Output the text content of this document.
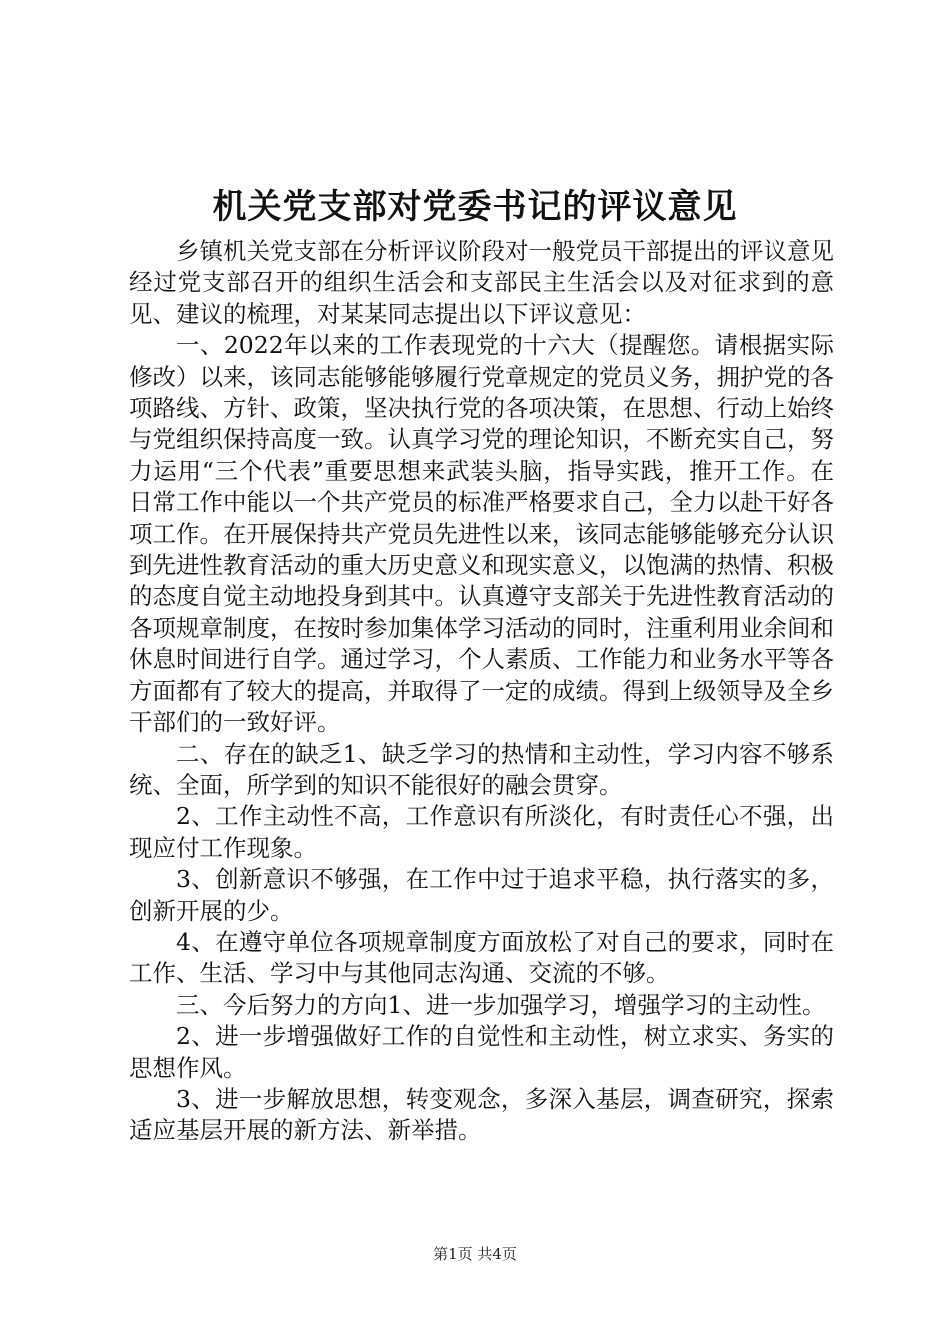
机关党支部对党委书记的评议意见

乡镇机关党支部在分析评议阶段对一般党员干部提出的评议意见经过党支部召开的组织生活会和支部民主生活会以及对征求到的意见、建议的梳理，对某某同志提出以下评议意见：

一、2022年以来的工作表现党的十六大（提醒您。请根据实际修改）以来，该同志能够能够履行党章规定的党员义务，拥护党的各项路线、方针、政策，坚决执行党的各项决策，在思想、行动上始终与党组织保持高度一致。认真学习党的理论知识，不断充实自己，努力运用“三个代表”重要思想来武装头脑，指导实践，推开工作。在日常工作中能以一个共产党员的标准严格要求自己，全力以赴干好各项工作。在开展保持共产党员先进性以来，该同志能够能够充分认识到先进性教育活动的重大历史意义和现实意义，以饱满的热情、积极的态度自觉主动地投身到其中。认真遵守支部关于先进性教育活动的各项规章制度，在按时参加集体学习活动的同时，注重利用业余间和休息时间进行自学。通过学习，个人素质、工作能力和业务水平等各方面都有了较大的提高，并取得了一定的成绩。得到上级领导及全乡干部们的一致好评。

二、存在的缺乏1、缺乏学习的热情和主动性，学习内容不够系统、全面，所学到的知识不能很好的融会贯穿。

2、工作主动性不高，工作意识有所淡化，有时责任心不强，出现应付工作现象。

3、创新意识不够强，在工作中过于追求平稳，执行落实的多，创新开展的少。

4、在遵守单位各项规章制度方面放松了对自己的要求，同时在工作、生活、学习中与其他同志沟通、交流的不够。

三、今后努力的方向1、进一步加强学习，增强学习的主动性。

2、进一步增强做好工作的自觉性和主动性，树立求实、务实的思想作风。

3、进一步解放思想，转变观念，多深入基层，调查研究，探索适应基层开展的新方法、新举措。

第1页 共4页
